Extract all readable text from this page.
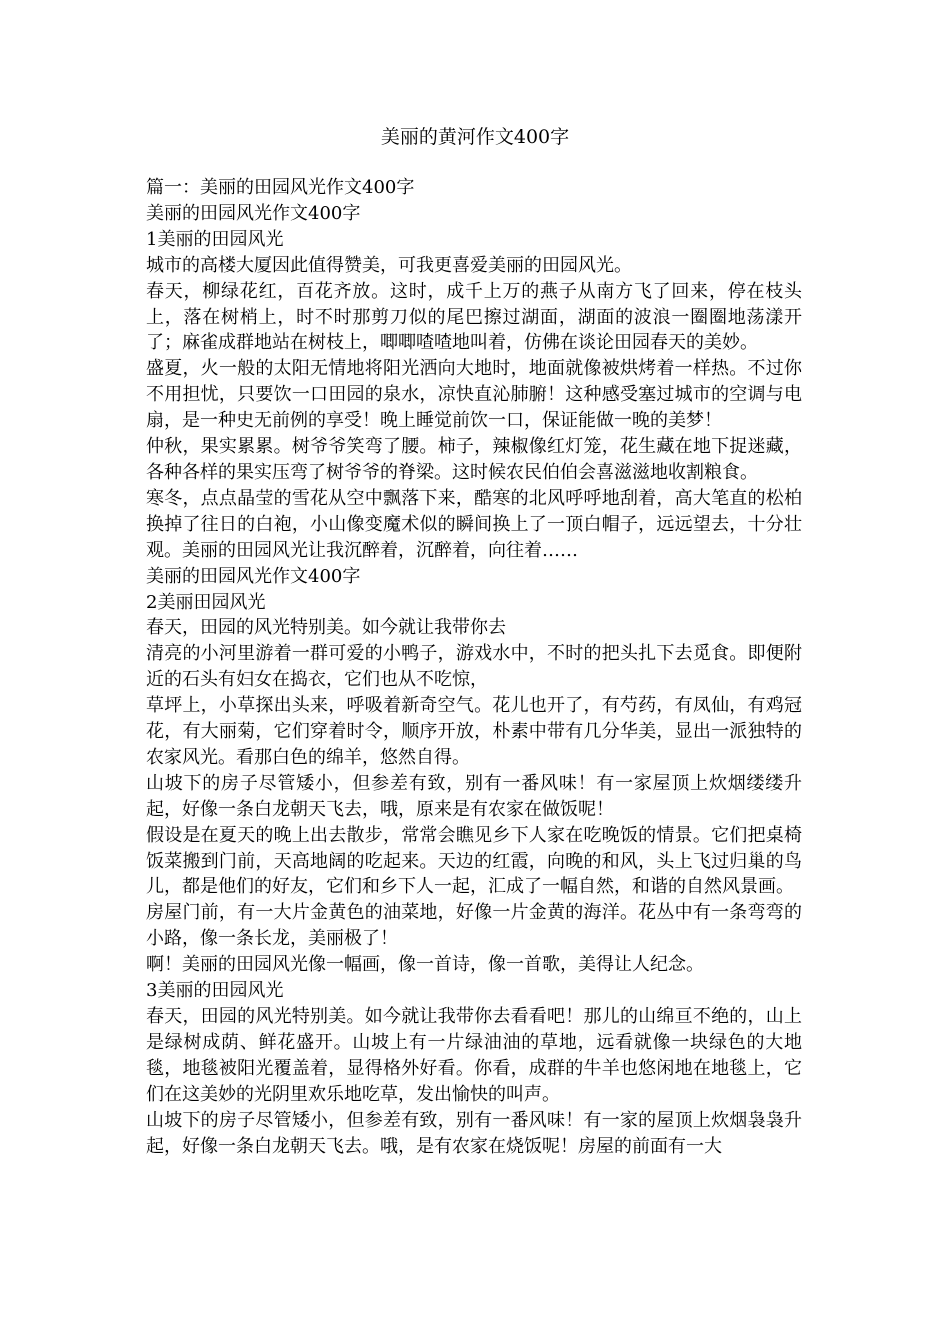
美丽的黄河作文400字

篇一：美丽的田园风光作文400字

美丽的田园风光作文400字

1美丽的田园风光

城市的高楼大厦因此值得赞美，可我更喜爱美丽的田园风光。

春天，柳绿花红，百花齐放。这时，成千上万的燕子从南方飞了回来，停在枝头上，落在树梢上，时不时那剪刀似的尾巴擦过湖面，湖面的波浪一圈圈地荡漾开了；麻雀成群地站在树枝上，唧唧喳喳地叫着，仿佛在谈论田园春天的美妙。

盛夏，火一般的太阳无情地将阳光洒向大地时，地面就像被烘烤着一样热。不过你不用担忧，只要饮一口田园的泉水，凉快直沁肺腑！这种感受塞过城市的空调与电扇，是一种史无前例的享受！晚上睡觉前饮一口，保证能做一晚的美梦！

仲秋，果实累累。树爷爷笑弯了腰。柿子，辣椒像红灯笼，花生藏在地下捉迷藏，各种各样的果实压弯了树爷爷的脊梁。这时候农民伯伯会喜滋滋地收割粮食。

寒冬，点点晶莹的雪花从空中飘落下来，酷寒的北风呼呼地刮着，高大笔直的松柏换掉了往日的白袍，小山像变魔术似的瞬间换上了一顶白帽子，远远望去，十分壮观。美丽的田园风光让我沉醉着，沉醉着，向往着……

美丽的田园风光作文400字

2美丽田园风光

春天，田园的风光特别美。如今就让我带你去

清亮的小河里游着一群可爱的小鸭子，游戏水中，不时的把头扎下去觅食。即便附近的石头有妇女在捣衣，它们也从不吃惊，

草坪上，小草探出头来，呼吸着新奇空气。花儿也开了，有芍药，有凤仙，有鸡冠花，有大丽菊，它们穿着时令，顺序开放，朴素中带有几分华美，显出一派独特的农家风光。看那白色的绵羊，悠然自得。

山坡下的房子尽管矮小，但参差有致，别有一番风味！有一家屋顶上炊烟缕缕升起，好像一条白龙朝天飞去，哦，原来是有农家在做饭呢！

假设是在夏天的晚上出去散步，常常会瞧见乡下人家在吃晚饭的情景。它们把桌椅饭菜搬到门前，天高地阔的吃起来。天边的红霞，向晚的和风，头上飞过归巢的鸟儿，都是他们的好友，它们和乡下人一起，汇成了一幅自然，和谐的自然风景画。

房屋门前，有一大片金黄色的油菜地，好像一片金黄的海洋。花丛中有一条弯弯的小路，像一条长龙，美丽极了！

啊！美丽的田园风光像一幅画，像一首诗，像一首歌，美得让人纪念。

3美丽的田园风光

春天，田园的风光特别美。如今就让我带你去看看吧！那儿的山绵亘不绝的，山上是绿树成荫、鲜花盛开。山坡上有一片绿油油的草地，远看就像一块绿色的大地毯，地毯被阳光覆盖着，显得格外好看。你看，成群的牛羊也悠闲地在地毯上，它们在这美妙的光阴里欢乐地吃草，发出愉快的叫声。

山坡下的房子尽管矮小，但参差有致，别有一番风味！有一家的屋顶上炊烟袅袅升起，好像一条白龙朝天飞去。哦，是有农家在烧饭呢！房屋的前面有一大
